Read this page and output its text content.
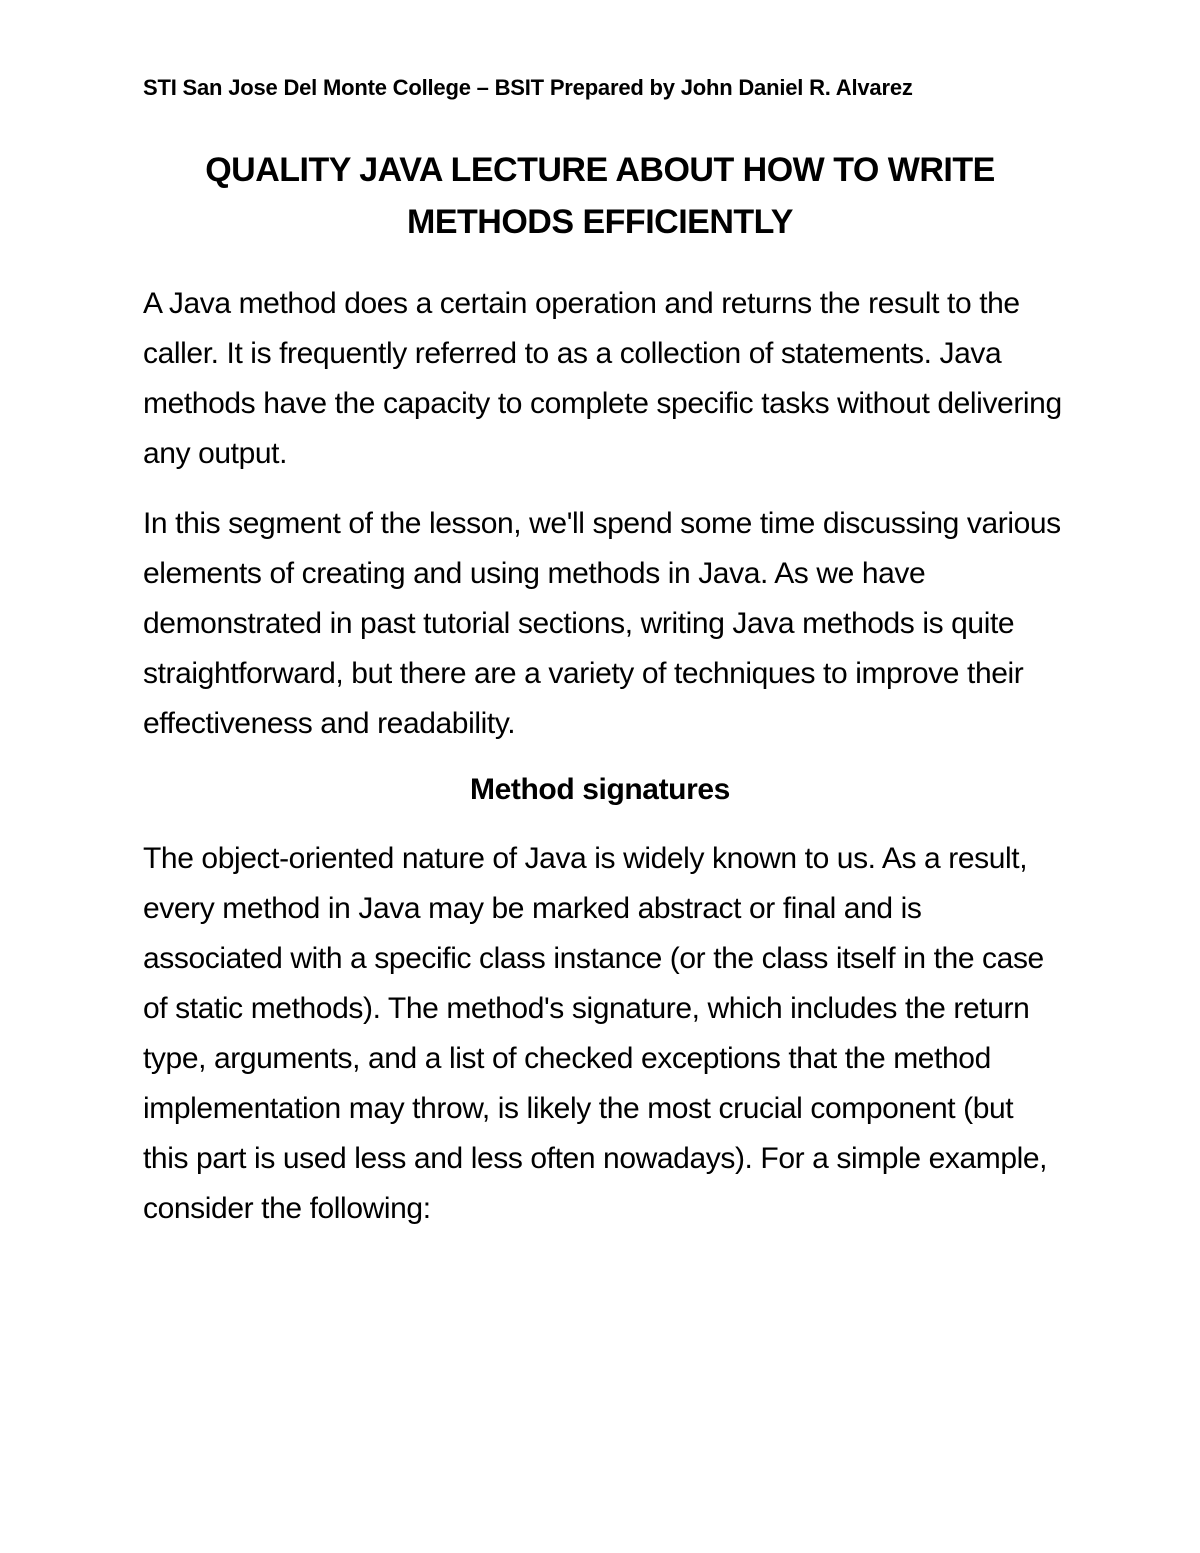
STI San Jose Del Monte College – BSIT Prepared by John Daniel R. Alvarez
QUALITY JAVA LECTURE ABOUT HOW TO WRITE
METHODS EFFICIENTLY

A Java method does a certain operation and returns the result to the caller. It is frequently referred to as a collection of statements. Java methods have the capacity to complete specific tasks without delivering any output.

In this segment of the lesson, we'll spend some time discussing various elements of creating and using methods in Java. As we have demonstrated in past tutorial sections, writing Java methods is quite straightforward, but there are a variety of techniques to improve their effectiveness and readability.

Method signatures

The object-oriented nature of Java is widely known to us. As a result, every method in Java may be marked abstract or final and is associated with a specific class instance (or the class itself in the case of static methods). The method's signature, which includes the return type, arguments, and a list of checked exceptions that the method implementation may throw, is likely the most crucial component (but this part is used less and less often nowadays). For a simple example, consider the following:
